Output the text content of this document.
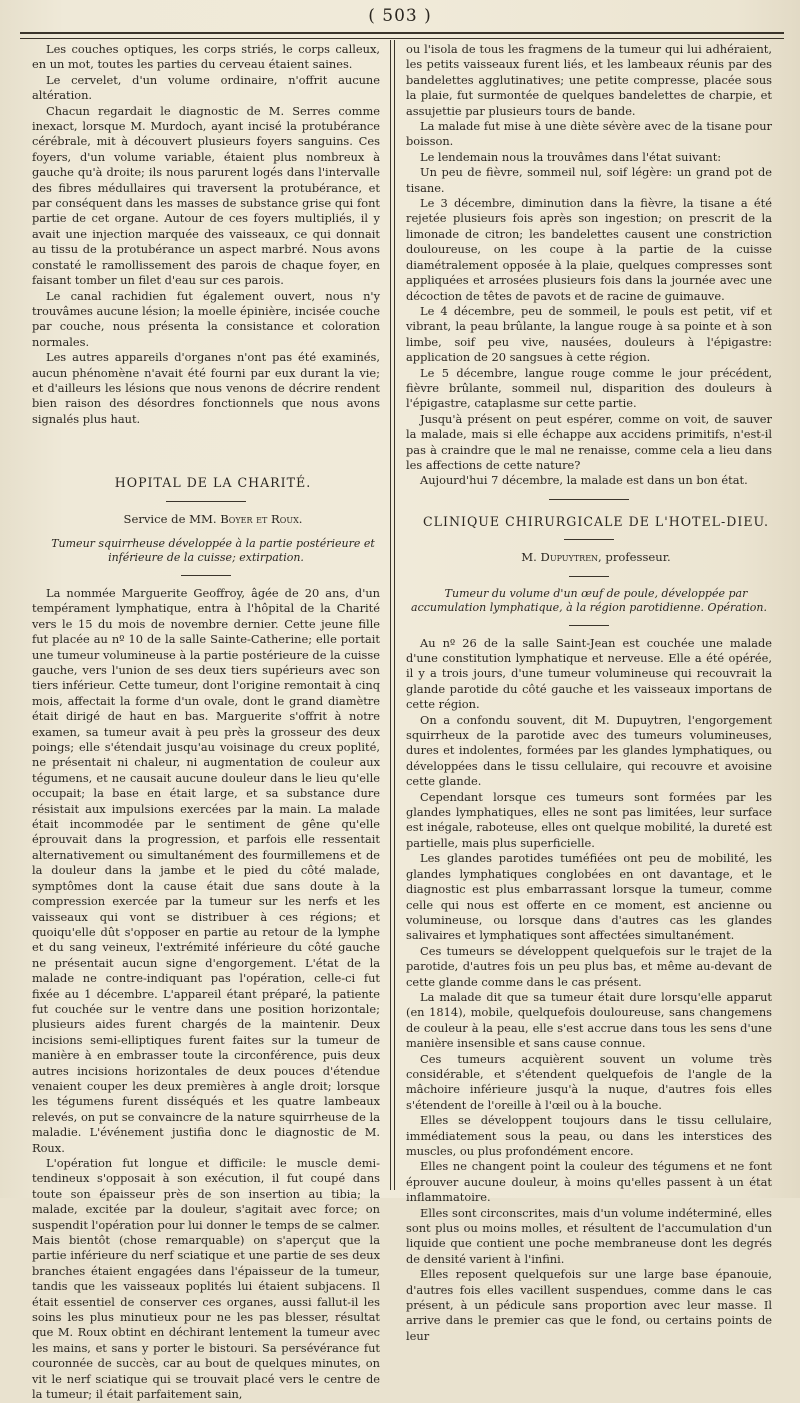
( 503 )

Les couches optiques, les corps striés, le corps calleux, en un mot, toutes les parties du cerveau étaient saines.

Le cervelet, d'un volume ordinaire, n'offrit aucune altération.

Chacun regardait le diagnostic de M. Serres comme inexact, lorsque M. Murdoch, ayant incisé la protubérance cérébrale, mit à découvert plusieurs foyers sanguins. Ces foyers, d'un volume variable, étaient plus nombreux à gauche qu'à droite; ils nous parurent logés dans l'intervalle des fibres médullaires qui traversent la protubérance, et par conséquent dans les masses de substance grise qui font partie de cet organe. Autour de ces foyers multipliés, il y avait une injection marquée des vaisseaux, ce qui donnait au tissu de la protubérance un aspect marbré. Nous avons constaté le ramollissement des parois de chaque foyer, en faisant tomber un filet d'eau sur ces parois.

Le canal rachidien fut également ouvert, nous n'y trouvâmes aucune lésion; la moelle épinière, incisée couche par couche, nous présenta la consistance et coloration normales.

Les autres appareils d'organes n'ont pas été examinés, aucun phénomène n'avait été fourni par eux durant la vie; et d'ailleurs les lésions que nous venons de décrire rendent bien raison des désordres fonctionnels que nous avons signalés plus haut.

HOPITAL DE LA CHARITÉ.

Service de MM. Boyer et Roux.

Tumeur squirrheuse développée à la partie postérieure et inférieure de la cuisse; extirpation.

La nommée Marguerite Geoffroy, âgée de 20 ans, d'un tempérament lymphatique, entra à l'hôpital de la Charité vers le 15 du mois de novembre dernier. Cette jeune fille fut placée au nº 10 de la salle Sainte-Catherine; elle portait une tumeur volumineuse à la partie postérieure de la cuisse gauche, vers l'union de ses deux tiers supérieurs avec son tiers inférieur. Cette tumeur, dont l'origine remontait à cinq mois, affectait la forme d'un ovale, dont le grand diamètre était dirigé de haut en bas. Marguerite s'offrit à notre examen, sa tumeur avait à peu près la grosseur des deux poings; elle s'étendait jusqu'au voisinage du creux poplité, ne présentait ni chaleur, ni augmentation de couleur aux tégumens, et ne causait aucune douleur dans le lieu qu'elle occupait; la base en était large, et sa substance dure résistait aux impulsions exercées par la main. La malade était incommodée par le sentiment de gêne qu'elle éprouvait dans la progression, et parfois elle ressentait alternativement ou simultanément des fourmillemens et de la douleur dans la jambe et le pied du côté malade, symptômes dont la cause était due sans doute à la compression exercée par la tumeur sur les nerfs et les vaisseaux qui vont se distribuer à ces régions; et quoiqu'elle dût s'opposer en partie au retour de la lymphe et du sang veineux, l'extrémité inférieure du côté gauche ne présentait aucun signe d'engorgement. L'état de la malade ne contre-indiquant pas l'opération, celle-ci fut fixée au 1 décembre. L'appareil étant préparé, la patiente fut couchée sur le ventre dans une position horizontale; plusieurs aides furent chargés de la maintenir. Deux incisions semi-elliptiques furent faites sur la tumeur de manière à en embrasser toute la circonférence, puis deux autres incisions horizontales de deux pouces d'étendue venaient couper les deux premières à angle droit; lorsque les tégumens furent disséqués et les quatre lambeaux relevés, on put se convaincre de la nature squirrheuse de la maladie. L'événement justifia donc le diagnostic de M. Roux.

L'opération fut longue et difficile: le muscle demi-tendineux s'opposait à son exécution, il fut coupé dans toute son épaisseur près de son insertion au tibia; la malade, excitée par la douleur, s'agitait avec force; on suspendit l'opération pour lui donner le temps de se calmer. Mais bientôt (chose remarquable) on s'aperçut que la partie inférieure du nerf sciatique et une partie de ses deux branches étaient engagées dans l'épaisseur de la tumeur, tandis que les vaisseaux poplités lui étaient subjacens. Il était essentiel de conserver ces organes, aussi fallut-il les soins les plus minutieux pour ne les pas blesser, résultat que M. Roux obtint en déchirant lentement la tumeur avec les mains, et sans y porter le bistouri. Sa persévérance fut couronnée de succès, car au bout de quelques minutes, on vit le nerf sciatique qui se trouvait placé vers le centre de la tumeur; il était parfaitement sain,

ou l'isola de tous les fragmens de la tumeur qui lui adhéraient, les petits vaisseaux furent liés, et les lambeaux réunis par des bandelettes agglutinatives; une petite compresse, placée sous la plaie, fut surmontée de quelques bandelettes de charpie, et assujettie par plusieurs tours de bande.

La malade fut mise à une diète sévère avec de la tisane pour boisson.

Le lendemain nous la trouvâmes dans l'état suivant:

Un peu de fièvre, sommeil nul, soif légère: un grand pot de tisane.

Le 3 décembre, diminution dans la fièvre, la tisane a été rejetée plusieurs fois après son ingestion; on prescrit de la limonade de citron; les bandelettes causent une constriction douloureuse, on les coupe à la partie de la cuisse diamétralement opposée à la plaie, quelques compresses sont appliquées et arrosées plusieurs fois dans la journée avec une décoction de têtes de pavots et de racine de guimauve.

Le 4 décembre, peu de sommeil, le pouls est petit, vif et vibrant, la peau brûlante, la langue rouge à sa pointe et à son limbe, soif peu vive, nausées, douleurs à l'épigastre: application de 20 sangsues à cette région.

Le 5 décembre, langue rouge comme le jour précédent, fièvre brûlante, sommeil nul, disparition des douleurs à l'épigastre, cataplasme sur cette partie.

Jusqu'à présent on peut espérer, comme on voit, de sauver la malade, mais si elle échappe aux accidens primitifs, n'est-il pas à craindre que le mal ne renaisse, comme cela a lieu dans les affections de cette nature?

Aujourd'hui 7 décembre, la malade est dans un bon état.

CLINIQUE CHIRURGICALE DE L'HOTEL-DIEU.

M. Dupuytren, professeur.

Tumeur du volume d'un œuf de poule, développée par accumulation lymphatique, à la région parotidienne. Opération.

Au nº 26 de la salle Saint-Jean est couchée une malade d'une constitution lymphatique et nerveuse. Elle a été opérée, il y a trois jours, d'une tumeur volumineuse qui recouvrait la glande parotide du côté gauche et les vaisseaux importans de cette région.

On a confondu souvent, dit M. Dupuytren, l'engorgement squirrheux de la parotide avec des tumeurs volumineuses, dures et indolentes, formées par les glandes lymphatiques, ou développées dans le tissu cellulaire, qui recouvre et avoisine cette glande.

Cependant lorsque ces tumeurs sont formées par les glandes lymphatiques, elles ne sont pas limitées, leur surface est inégale, raboteuse, elles ont quelque mobilité, la dureté est partielle, mais plus superficielle.

Les glandes parotides tuméfiées ont peu de mobilité, les glandes lymphatiques conglobées en ont davantage, et le diagnostic est plus embarrassant lorsque la tumeur, comme celle qui nous est offerte en ce moment, est ancienne ou volumineuse, ou lorsque dans d'autres cas les glandes salivaires et lymphatiques sont affectées simultanément.

Ces tumeurs se développent quelquefois sur le trajet de la parotide, d'autres fois un peu plus bas, et même au-devant de cette glande comme dans le cas présent.

La malade dit que sa tumeur était dure lorsqu'elle apparut (en 1814), mobile, quelquefois douloureuse, sans changemens de couleur à la peau, elle s'est accrue dans tous les sens d'une manière insensible et sans cause connue.

Ces tumeurs acquièrent souvent un volume très considérable, et s'étendent quelquefois de l'angle de la mâchoire inférieure jusqu'à la nuque, d'autres fois elles s'étendent de l'oreille à l'œil ou à la bouche.

Elles se développent toujours dans le tissu cellulaire, immédiatement sous la peau, ou dans les interstices des muscles, ou plus profondément encore.

Elles ne changent point la couleur des tégumens et ne font éprouver aucune douleur, à moins qu'elles passent à un état inflammatoire.

Elles sont circonscrites, mais d'un volume indéterminé, elles sont plus ou moins molles, et résultent de l'accumulation d'un liquide que contient une poche membraneuse dont les degrés de densité varient à l'infini.

Elles reposent quelquefois sur une large base épanouie, d'autres fois elles vacillent suspendues, comme dans le cas présent, à un pédicule sans proportion avec leur masse. Il arrive dans le premier cas que le fond, ou certains points de leur
